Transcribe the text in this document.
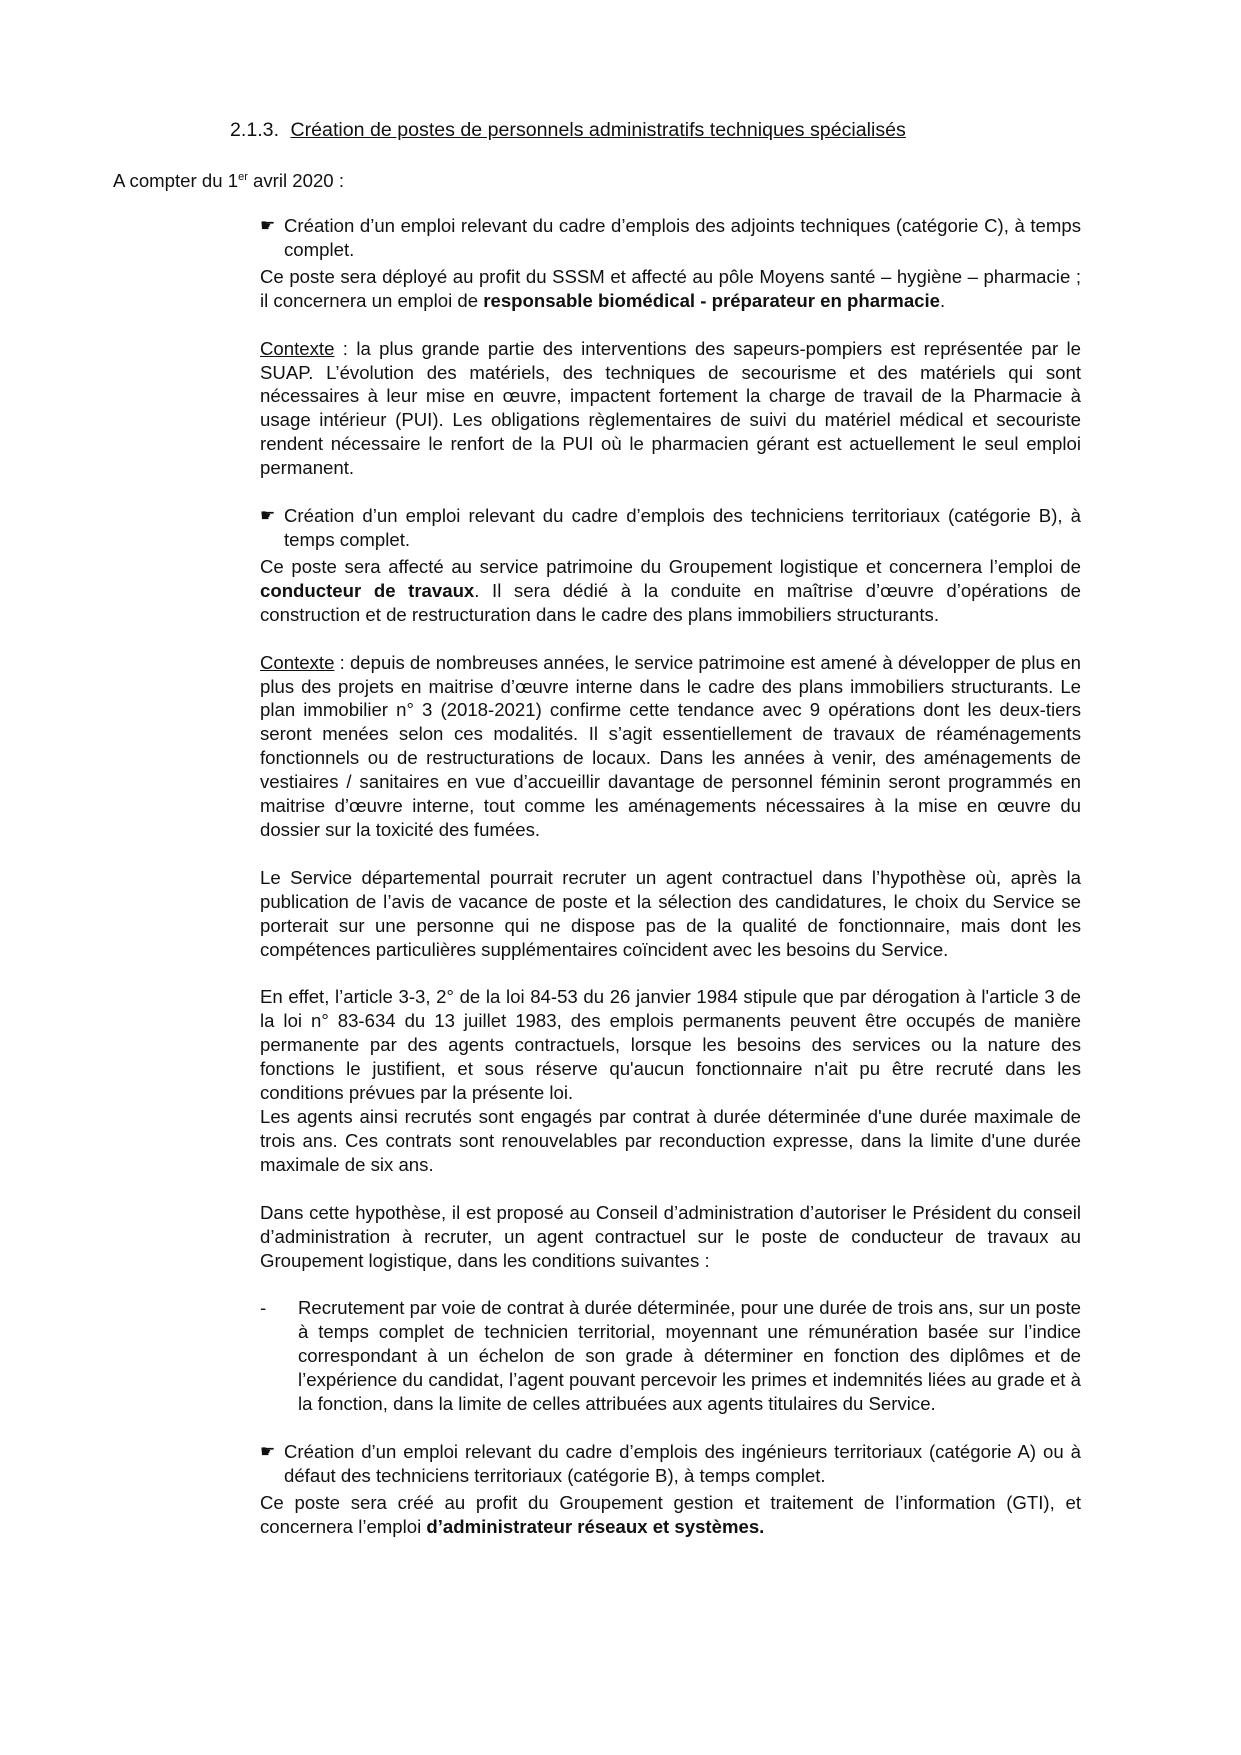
2.1.3. Création de postes de personnels administratifs techniques spécialisés
A compter du 1er avril 2020 :
☛ Création d’un emploi relevant du cadre d’emplois des adjoints techniques (catégorie C), à temps complet.

Ce poste sera déployé au profit du SSSM et affecté au pôle Moyens santé – hygiène – pharmacie ; il concernera un emploi de responsable biomédical - préparateur en pharmacie.

Contexte : la plus grande partie des interventions des sapeurs-pompiers est représentée par le SUAP. L’évolution des matériels, des techniques de secourisme et des matériels qui sont nécessaires à leur mise en œuvre, impactent fortement la charge de travail de la Pharmacie à usage intérieur (PUI). Les obligations règlementaires de suivi du matériel médical et secouriste rendent nécessaire le renfort de la PUI où le pharmacien gérant est actuellement le seul emploi permanent.

☛ Création d’un emploi relevant du cadre d’emplois des techniciens territoriaux (catégorie B), à temps complet.

Ce poste sera affecté au service patrimoine du Groupement logistique et concernera l’emploi de conducteur de travaux. Il sera dédié à la conduite en maîtrise d’œuvre d’opérations de construction et de restructuration dans le cadre des plans immobiliers structurants.

Contexte : depuis de nombreuses années, le service patrimoine est amené à développer de plus en plus des projets en maitrise d’œuvre interne dans le cadre des plans immobiliers structurants. Le plan immobilier n° 3 (2018-2021) confirme cette tendance avec 9 opérations dont les deux-tiers seront menées selon ces modalités. Il s’agit essentiellement de travaux de réaménagements fonctionnels ou de restructurations de locaux. Dans les années à venir, des aménagements de vestiaires / sanitaires en vue d’accueillir davantage de personnel féminin seront programmés en maitrise d’œuvre interne, tout comme les aménagements nécessaires à la mise en œuvre du dossier sur la toxicité des fumées.

Le Service départemental pourrait recruter un agent contractuel dans l’hypothèse où, après la publication de l’avis de vacance de poste et la sélection des candidatures, le choix du Service se porterait sur une personne qui ne dispose pas de la qualité de fonctionnaire, mais dont les compétences particulières supplémentaires coïncident avec les besoins du Service.

En effet, l’article 3-3, 2° de la loi 84-53 du 26 janvier 1984 stipule que par dérogation à l'article 3 de la loi n° 83-634 du 13 juillet 1983, des emplois permanents peuvent être occupés de manière permanente par des agents contractuels, lorsque les besoins des services ou la nature des fonctions le justifient, et sous réserve qu'aucun fonctionnaire n'ait pu être recruté dans les conditions prévues par la présente loi.

Les agents ainsi recrutés sont engagés par contrat à durée déterminée d'une durée maximale de trois ans. Ces contrats sont renouvelables par reconduction expresse, dans la limite d'une durée maximale de six ans.

Dans cette hypothèse, il est proposé au Conseil d’administration d’autoriser le Président du conseil d’administration à recruter, un agent contractuel sur le poste de conducteur de travaux au Groupement logistique, dans les conditions suivantes :

-	Recrutement par voie de contrat à durée déterminée, pour une durée de trois ans, sur un poste à temps complet de technicien territorial, moyennant une rémunération basée sur l’indice correspondant à un échelon de son grade à déterminer en fonction des diplômes et de l’expérience du candidat, l’agent pouvant percevoir les primes et indemnités liées au grade et à la fonction, dans la limite de celles attribuées aux agents titulaires du Service.
☛ Création d’un emploi relevant du cadre d’emplois des ingénieurs territoriaux (catégorie A) ou à défaut des techniciens territoriaux (catégorie B), à temps complet.

Ce poste sera créé au profit du Groupement gestion et traitement de l’information (GTI), et concernera l’emploi d’administrateur réseaux et systèmes.
